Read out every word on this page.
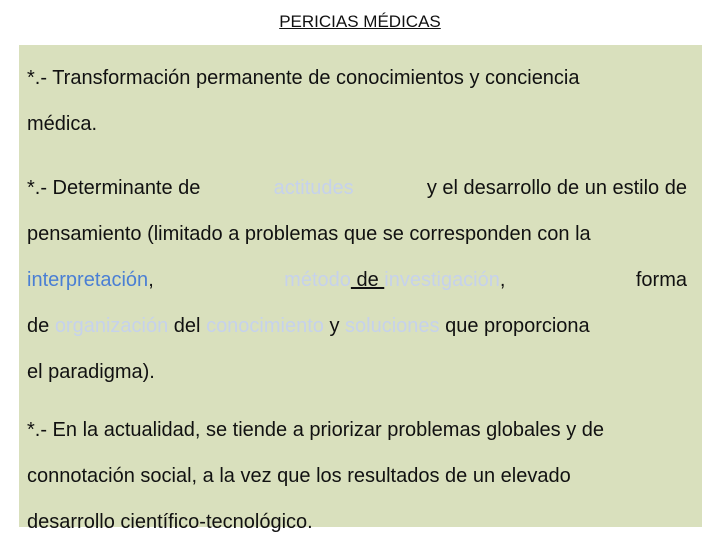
PERICIAS MÉDICAS
*.- Transformación permanente de conocimientos y conciencia
médica.
*.- Determinante de	actitudes	y el desarrollo de un estilo de
pensamiento (limitado a problemas que se corresponden con la
interpretación,	método de investigación,	forma
de organización del conocimiento y soluciones que proporciona
el paradigma).
*.- En la actualidad, se tiende a priorizar problemas globales y de
connotación social, a la vez que los resultados de un elevado
desarrollo científico-tecnológico.
